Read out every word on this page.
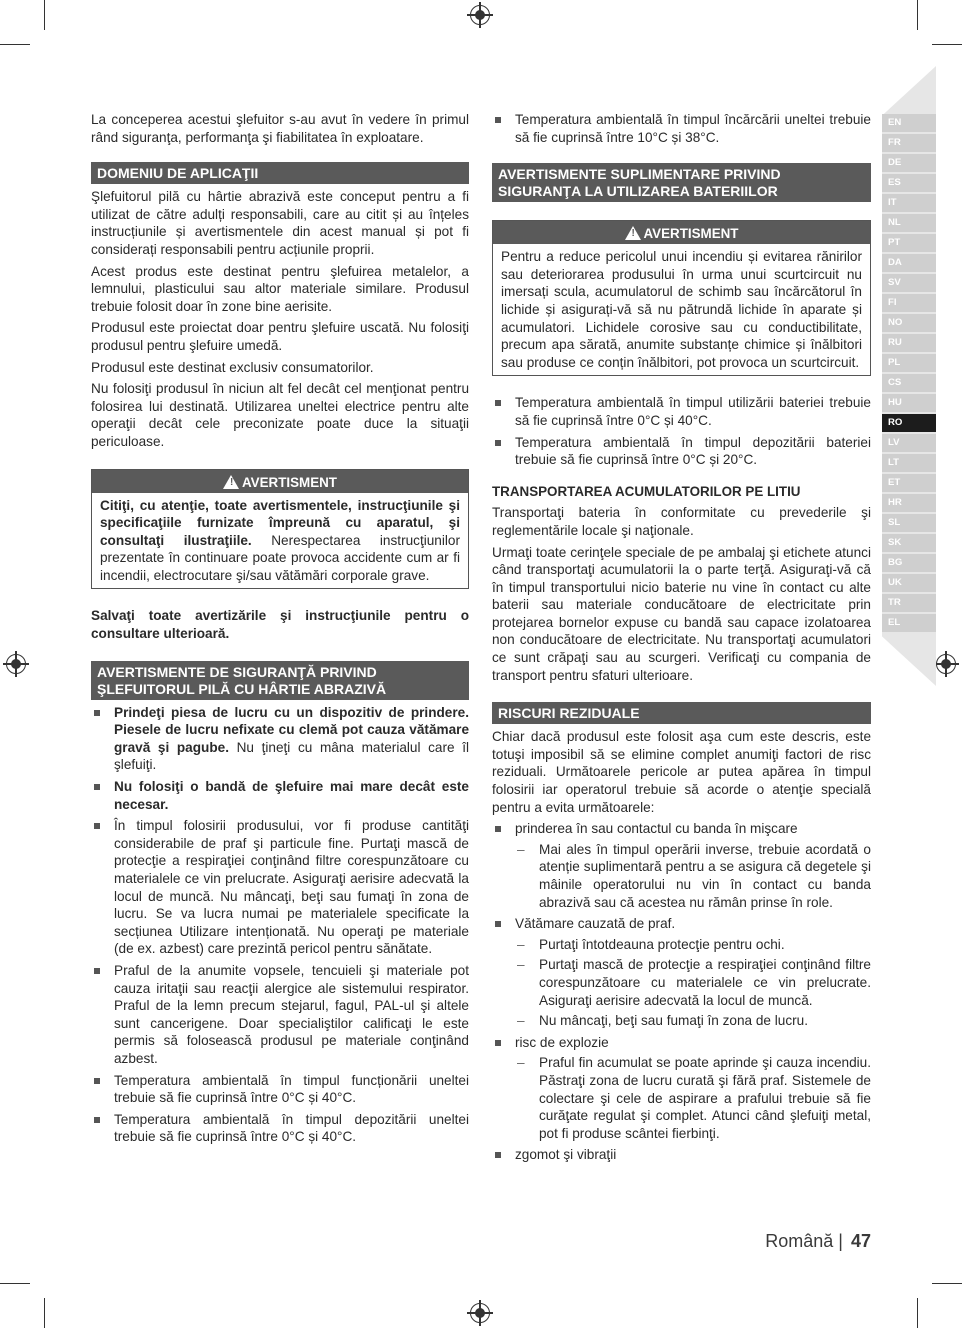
La conceperea acestui şlefuitor s-au avut în vedere în primul rând siguranţa, performanţa şi fiabilitatea în exploatare.

DOMENIU DE APLICAŢII

Şlefuitorul pilă cu hârtie abrazivă este conceput pentru a fi utilizat de către adulți responsabili, care au citit și au înțeles instrucțiunile și avertismentele din acest manual și pot fi considerați responsabili pentru acțiunile proprii.

Acest produs este destinat pentru şlefuirea metalelor, a lemnului, plasticului sau altor materiale similare. Produsul trebuie folosit doar în zone bine aerisite.

Produsul este proiectat doar pentru şlefuire uscată. Nu folosiţi produsul pentru şlefuire umedă.

Produsul este destinat exclusiv consumatorilor.

Nu folosiţi produsul în niciun alt fel decât cel menţionat pentru folosirea lui destinată. Utilizarea uneltei electrice pentru alte operaţii decât cele preconizate poate duce la situaţii periculoase.

! AVERTISMENT

Citiţi, cu atenţie, toate avertismentele, instrucţiunile şi specificaţiile furnizate împreună cu aparatul, şi consultaţi ilustraţiile. Nerespectarea instrucţiunilor prezentate în continuare poate provoca accidente cum ar fi incendii, electrocutare şi/sau vătămări corporale grave.

Salvaţi toate avertizările şi instrucţiunile pentru o consultare ulterioară.

AVERTISMENTE DE SIGURANŢĂ PRIVIND ŞLEFUITORUL PILĂ CU HÂRTIE ABRAZIVĂ
Prindeţi piesa de lucru cu un dispozitiv de prindere. Piesele de lucru nefixate cu clemă pot cauza vătămare gravă şi pagube. Nu ţineţi cu mâna materialul care îl şlefuiţi.
Nu folosiţi o bandă de şlefuire mai mare decât este necesar.
În timpul folosirii produsului, vor fi produse cantităţi considerabile de praf şi particule fine. Purtaţi mască de protecţie a respiraţiei conţinând filtre corespunzătoare cu materialele ce vin prelucrate. Asiguraţi aerisire adecvată la locul de muncă. Nu mâncaţi, beţi sau fumaţi în zona de lucru. Se va lucra numai pe materialele specificate la secțiunea Utilizare intenționată. Nu operaţi pe materiale (de ex. azbest) care prezintă pericol pentru sănătate.
Praful de la anumite vopsele, tencuieli şi materiale pot cauza iritaţii sau reacţii alergice ale sistemului respirator. Praful de la lemn precum stejarul, fagul, PAL-ul şi altele sunt cancerigene. Doar specialiştilor calificaţi le este permis să folosească produsul pe materiale conţinând azbest.
Temperatura ambientală în timpul funcționării uneltei trebuie să fie cuprinsă între 0°C și 40°C.
Temperatura ambientală în timpul depozitării uneltei trebuie să fie cuprinsă între 0°C și 40°C.
Temperatura ambientală în timpul încărcării uneltei trebuie să fie cuprinsă între 10°C și 38°C.
AVERTISMENTE SUPLIMENTARE PRIVIND SIGURANŢA LA UTILIZAREA BATERIILOR
! AVERTISMENT

Pentru a reduce pericolul unui incendiu și evitarea rănirilor sau deteriorarea produsului în urma unui scurtcircuit nu imersați scula, acumulatorul de schimb sau încărcătorul în lichide și asigurați-vă să nu pătrundă lichide în aparate și acumulatori. Lichidele corosive sau cu conductibilitate, precum apa sărată, anumite substanțe chimice și înălbitori sau produse ce conțin înălbitori, pot provoca un scurtcircuit.

Temperatura ambientală în timpul utilizării bateriei trebuie să fie cuprinsă între 0°C și 40°C.
Temperatura ambientală în timpul depozitării bateriei trebuie să fie cuprinsă între 0°C și 20°C.
TRANSPORTAREA ACUMULATORILOR PE LITIU

Transportaţi bateria în conformitate cu prevederile şi reglementările locale şi naţionale.

Urmaţi toate cerinţele speciale de pe ambalaj şi etichete atunci când transportaţi acumulatorii la o parte terţă. Asiguraţi-vă că în timpul transportului nicio baterie nu vine în contact cu alte baterii sau materiale conducătoare de electricitate prin protejarea bornelor expuse cu bandă sau capace izolatoarea non conducătoare de electricitate. Nu transportaţi acumulatori ce sunt crăpaţi sau au scurgeri. Verificaţi cu compania de transport pentru sfaturi ulterioare.

RISCURI REZIDUALE

Chiar dacă produsul este folosit aşa cum este descris, este totuşi imposibil să se elimine complet anumiţi factori de risc reziduali. Următoarele pericole ar putea apărea în timpul folosirii iar operatorul trebuie să acorde o atenţie specială pentru a evita următoarele:

prinderea în sau contactul cu banda în mişcare
– Mai ales în timpul operării inverse, trebuie acordată o atenție suplimentară pentru a se asigura că degetele şi mâinile operatorului nu vin în contact cu banda abrazivă sau că acestea nu rămân prinse în role.
Vătămare cauzată de praf.
– Purtaţi întotdeauna protecţie pentru ochi.
– Purtaţi mască de protecţie a respiraţiei conţinând filtre corespunzătoare cu materialele ce vin prelucrate. Asiguraţi aerisire adecvată la locul de muncă.
– Nu mâncaţi, beţi sau fumaţi în zona de lucru.
risc de explozie
– Praful fin acumulat se poate aprinde şi cauza incendiu. Păstraţi zona de lucru curată şi fără praf. Sistemele de colectare şi cele de aspirare a prafului trebuie să fie curăţate regulat şi complet. Atunci când şlefuiţi metal, pot fi produse scântei fierbinţi.
zgomot şi vibraţii
EN
FR
DE
ES
IT
NL
PT
DA
SV
FI
NO
RU
PL
CS
HU
RO
LV
LT
ET
HR
SL
SK
BG
UK
TR
EL
Română | 47
